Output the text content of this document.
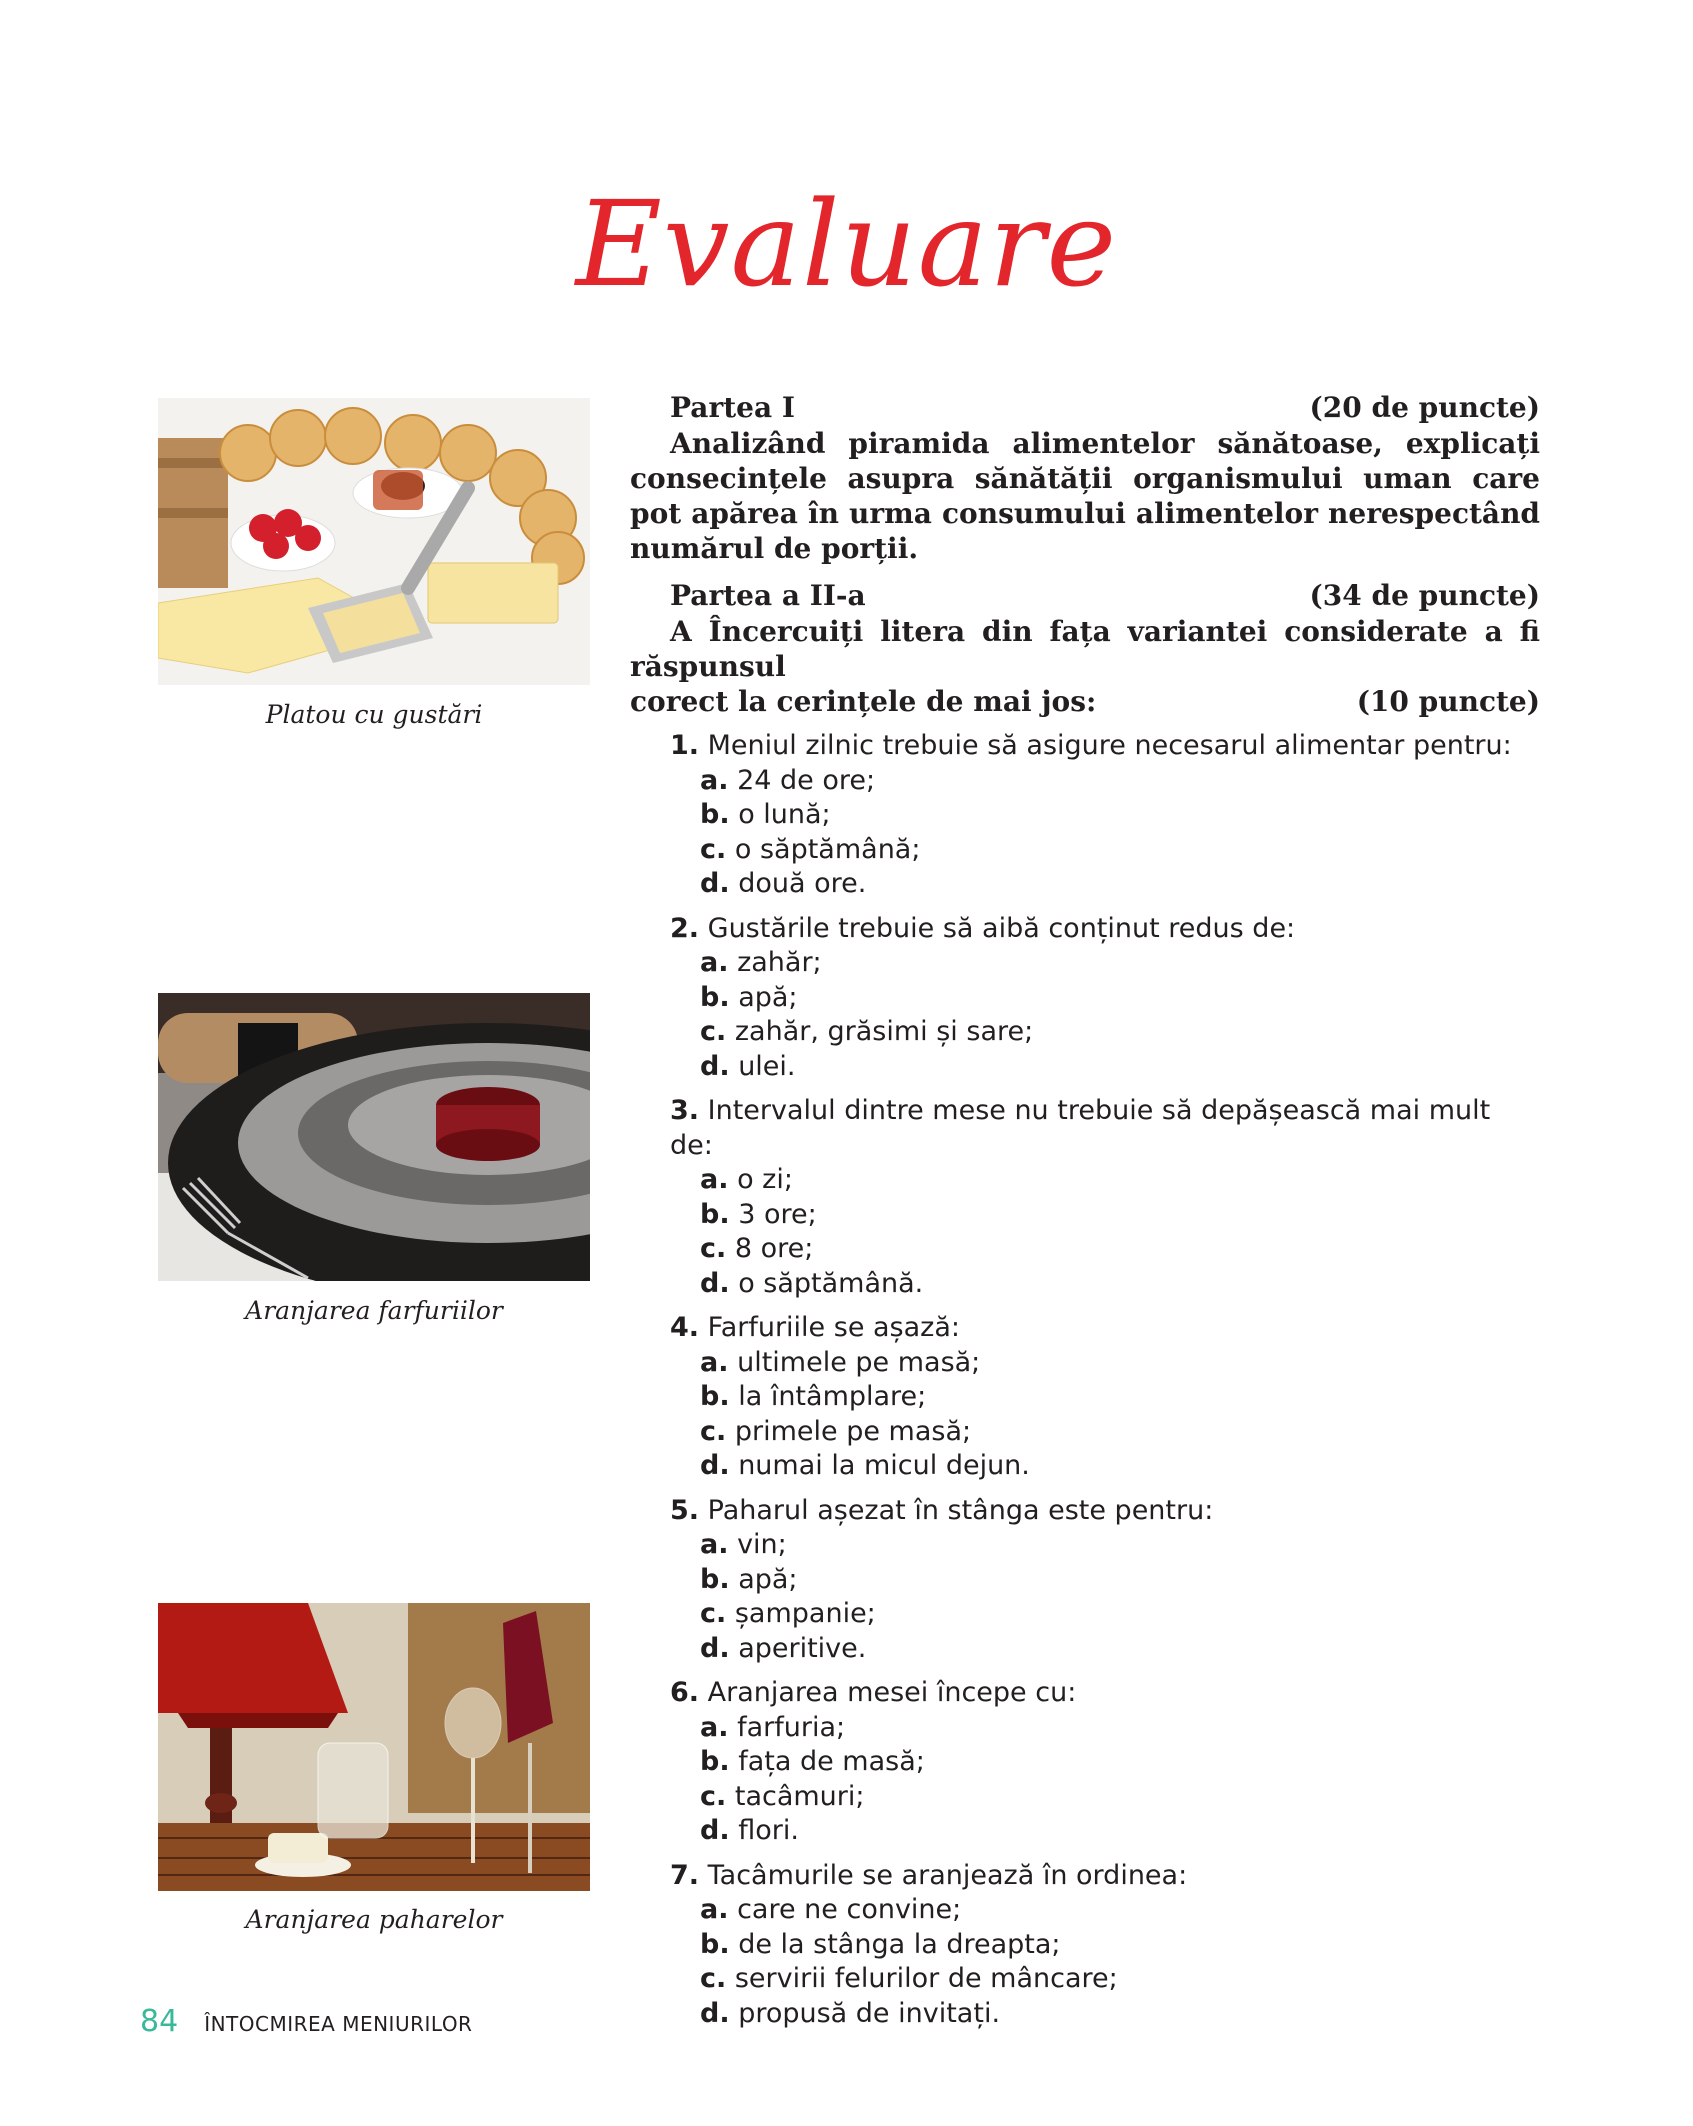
Evaluare
Platou cu gustări
Aranjarea farfuriilor
Aranjarea paharelor
Partea I	(20 de puncte)
Analizând piramida alimentelor sănătoase, explicați consecințele asupra sănătății organismului uman care pot apărea în urma consumului alimentelor nerespectând numărul de porții.
Partea a II-a	(34 de puncte)
A Încercuiți litera din fața variantei considerate a fi răspunsul
corect la cerințele de mai jos:	(10 puncte)
1. Meniul zilnic trebuie să asigure necesarul alimentar pentru:
a. 24 de ore;
b. o lună;
c. o săptămână;
d. două ore.
2. Gustările trebuie să aibă conținut redus de:
a. zahăr;
b. apă;
c. zahăr, grăsimi și sare;
d. ulei.
3. Intervalul dintre mese nu trebuie să depășească mai mult de:
a. o zi;
b. 3 ore;
c. 8 ore;
d. o săptămână.
4. Farfuriile se așază:
a. ultimele pe masă;
b. la întâmplare;
c. primele pe masă;
d. numai la micul dejun.
5. Paharul așezat în stânga este pentru:
a. vin;
b. apă;
c. șampanie;
d. aperitive.
6. Aranjarea mesei începe cu:
a. farfuria;
b. fața de masă;
c. tacâmuri;
d. flori.
7. Tacâmurile se aranjează în ordinea:
a. care ne convine;
b. de la stânga la dreapta;
c. servirii felurilor de mâncare;
d. propusă de invitați.
84 ÎNTOCMIREA MENIURILOR
